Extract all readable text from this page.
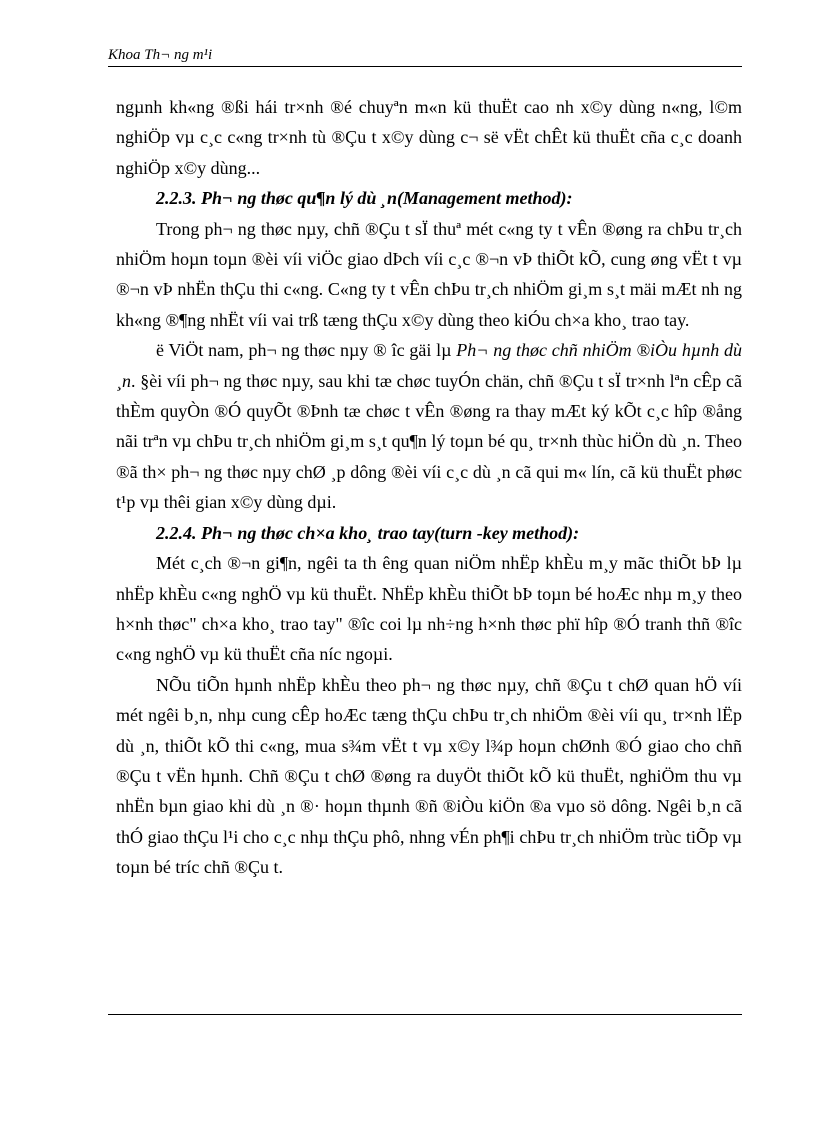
Khoa Th¬ ng m¹i

ngµnh kh«ng ®ßi hái tr×nh ®é chuyªn m«n kü thuËt cao nh x©y dùng n«ng, l©m nghiÖp vµ c¸c c«ng tr×nh tù ®Çu t x©y dùng c¬ së vËt chÊt kü thuËt cña c¸c doanh nghiÖp x©y dùng...

2.2.3. Ph¬ ng thøc qu¶n lý dù ¸n(Management method):

Trong ph¬ ng thøc nµy, chñ ®Çu t sÏ thuª mét c«ng ty t vÊn ®øng ra chÞu tr¸ch nhiÖm hoµn toµn ®èi víi viÖc giao dÞch víi c¸c ®¬n vÞ thiÕt kÕ, cung øng vËt t vµ ®¬n vÞ nhËn thÇu thi c«ng. C«ng ty t vÊn chÞu tr¸ch nhiÖm gi¸m s¸t mäi mÆt nh ng kh«ng ®¶ng nhËt víi vai trß tæng thÇu x©y dùng theo kiÓu ch×a kho¸ trao tay.

ë ViÖt nam, ph¬ ng thøc nµy ® îc gäi lµ Ph¬ ng thøc chñ nhiÖm ®iÒu hµnh dù ¸n. §èi víi ph¬ ng thøc nµy, sau khi tæ chøc tuyÓn chän, chñ ®Çu t sÏ tr×nh lªn cÊp cã thÈm quyÒn ®Ó quyÕt ®Þnh tæ chøc t vÊn ®øng ra thay mÆt ký kÕt c¸c hîp ®ång nãi trªn vµ chÞu tr¸ch nhiÖm gi¸m s¸t qu¶n lý toµn bé qu¸ tr×nh thùc hiÖn dù ¸n. Theo ®ã th× ph¬ ng thøc nµy chØ ¸p dông ®èi víi c¸c dù ¸n cã qui m« lín, cã kü thuËt phøc t¹p vµ thêi gian x©y dùng dµi.

2.2.4. Ph¬ ng thøc ch×a kho¸ trao tay(turn -key method):

Mét c¸ch ®¬n gi¶n, ngêi ta th êng quan niÖm nhËp khÈu m¸y mãc thiÕt bÞ lµ nhËp khÈu c«ng nghÖ vµ kü thuËt. NhËp khÈu thiÕt bÞ toµn bé hoÆc nhµ m¸y theo h×nh thøc" ch×a kho¸ trao tay" ®îc coi lµ nh÷ng h×nh thøc phï hîp ®Ó tranh thñ ®îc c«ng nghÖ vµ kü thuËt cña níc ngoµi.

NÕu tiÕn hµnh nhËp khÈu theo ph¬ ng thøc nµy, chñ ®Çu t chØ quan hÖ víi mét ngêi b¸n, nhµ cung cÊp hoÆc tæng thÇu chÞu tr¸ch nhiÖm ®èi víi qu¸ tr×nh lËp dù ¸n, thiÕt kÕ thi c«ng, mua s¾m vËt t vµ x©y l¾p hoµn chØnh ®Ó giao cho chñ ®Çu t vËn hµnh. Chñ ®Çu t chØ ®øng ra duyÖt thiÕt kÕ kü thuËt, nghiÖm thu vµ nhËn bµn giao khi dù ¸n ®· hoµn thµnh ®ñ ®iÒu kiÖn ®a vµo sö dông. Ngêi b¸n cã thÓ giao thÇu l¹i cho c¸c nhµ thÇu phô, nhng vÉn ph¶i chÞu tr¸ch nhiÖm trùc tiÕp vµ toµn bé tríc chñ ®Çu t.
